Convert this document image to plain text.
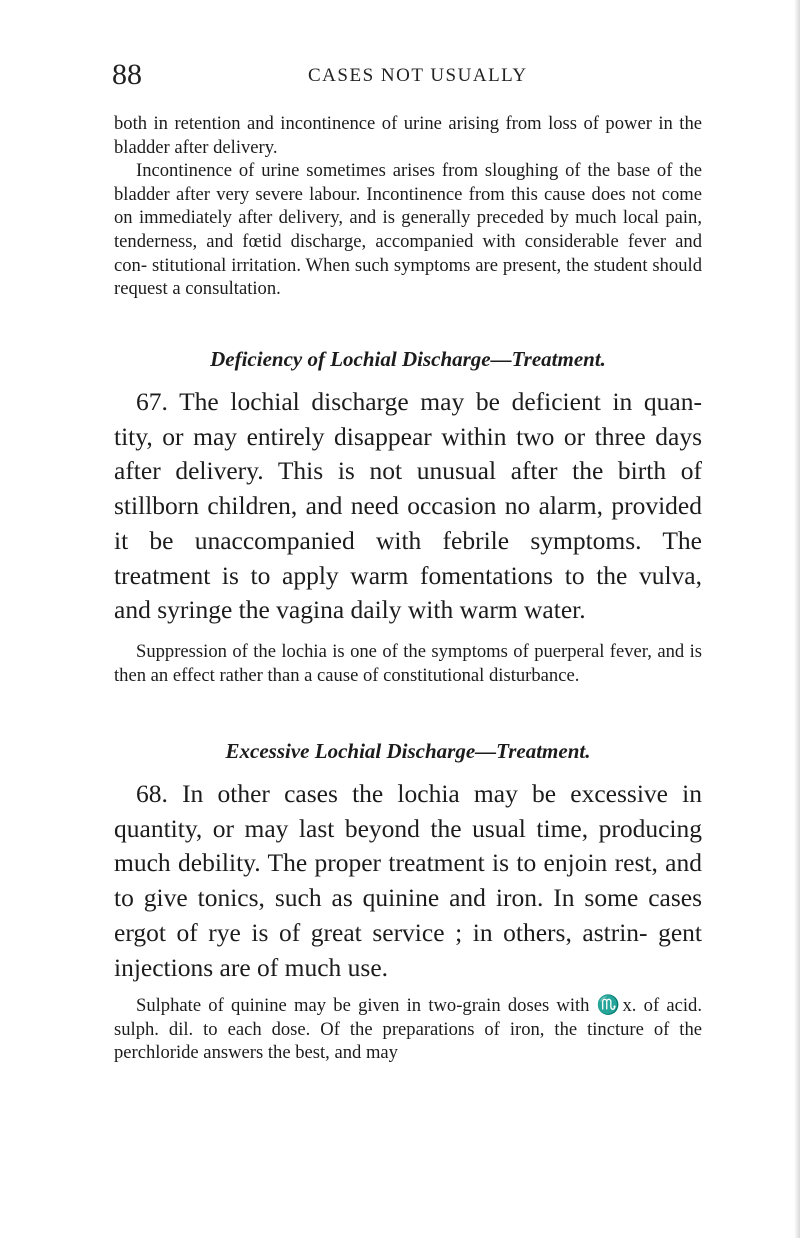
88	CASES NOT USUALLY

both in retention and incontinence of urine arising from loss of power in the bladder after delivery.

Incontinence of urine sometimes arises from sloughing of the base of the bladder after very severe labour. Incontinence from this cause does not come on immediately after delivery, and is generally preceded by much local pain, tenderness, and fœtid discharge, accompanied with considerable fever and con- stitutional irritation. When such symptoms are present, the student should request a consultation.

Deficiency of Lochial Discharge—Treatment.
67. The lochial discharge may be deficient in quan- tity, or may entirely disappear within two or three days after delivery. This is not unusual after the birth of stillborn children, and need occasion no alarm, provided it be unaccompanied with febrile symptoms. The treatment is to apply warm fomentations to the vulva, and syringe the vagina daily with warm water.
Suppression of the lochia is one of the symptoms of puerperal fever, and is then an effect rather than a cause of constitutional disturbance.
Excessive Lochial Discharge—Treatment.
68. In other cases the lochia may be excessive in quantity, or may last beyond the usual time, producing much debility. The proper treatment is to enjoin rest, and to give tonics, such as quinine and iron. In some cases ergot of rye is of great service ; in others, astrin- gent injections are of much use.
Sulphate of quinine may be given in two-grain doses with ♏x. of acid. sulph. dil. to each dose. Of the preparations of iron, the tincture of the perchloride answers the best, and may
